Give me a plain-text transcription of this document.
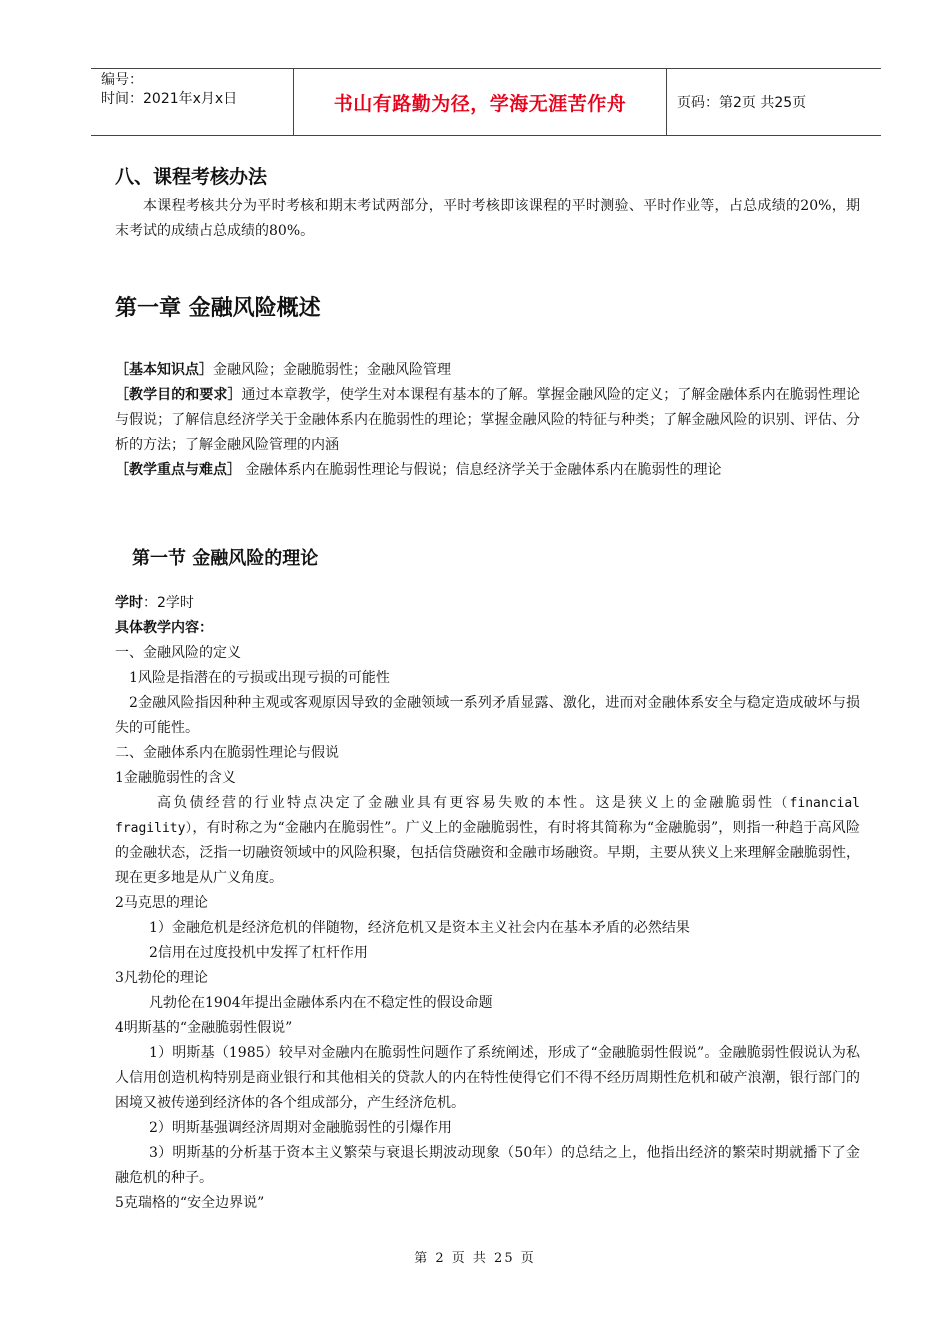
编号：
时间：2021年x月x日	书山有路勤为径，学海无涯苦作舟	页码：第2页 共25页
八、课程考核办法

本课程考核共分为平时考核和期末考试两部分，平时考核即该课程的平时测验、平时作业等，占总成绩的20%，期末考试的成绩占总成绩的80%。

第一章 金融风险概述

［基本知识点］金融风险；金融脆弱性；金融风险管理

［教学目的和要求］通过本章教学，使学生对本课程有基本的了解。掌握金融风险的定义；了解金融体系内在脆弱性理论与假说；了解信息经济学关于金融体系内在脆弱性的理论；掌握金融风险的特征与种类；了解金融风险的识别、评估、分析的方法；了解金融风险管理的内涵

［教学重点与难点］ 金融体系内在脆弱性理论与假说；信息经济学关于金融体系内在脆弱性的理论

第一节 金融风险的理论

学时：2学时

具体教学内容：

一、金融风险的定义

1风险是指潜在的亏损或出现亏损的可能性

2金融风险指因种种主观或客观原因导致的金融领域一系列矛盾显露、激化，进而对金融体系安全与稳定造成破坏与损失的可能性。

二、金融体系内在脆弱性理论与假说

1金融脆弱性的含义

高负债经营的行业特点决定了金融业具有更容易失败的本性。这是狭义上的金融脆弱性（financial fragility），有时称之为“金融内在脆弱性”。广义上的金融脆弱性，有时将其简称为“金融脆弱”，则指一种趋于高风险的金融状态，泛指一切融资领域中的风险积聚，包括信贷融资和金融市场融资。早期，主要从狭义上来理解金融脆弱性，现在更多地是从广义角度。

2马克思的理论

1）金融危机是经济危机的伴随物，经济危机又是资本主义社会内在基本矛盾的必然结果

2信用在过度投机中发挥了杠杆作用

3凡勃伦的理论

凡勃伦在1904年提出金融体系内在不稳定性的假设命题

4明斯基的“金融脆弱性假说”

1）明斯基（1985）较早对金融内在脆弱性问题作了系统阐述，形成了“金融脆弱性假说”。金融脆弱性假说认为私人信用创造机构特别是商业银行和其他相关的贷款人的内在特性使得它们不得不经历周期性危机和破产浪潮，银行部门的困境又被传递到经济体的各个组成部分，产生经济危机。

2）明斯基强调经济周期对金融脆弱性的引爆作用

3）明斯基的分析基于资本主义繁荣与衰退长期波动现象（50年）的总结之上，他指出经济的繁荣时期就播下了金融危机的种子。

5克瑞格的“安全边界说”

第 2 页 共 25 页
